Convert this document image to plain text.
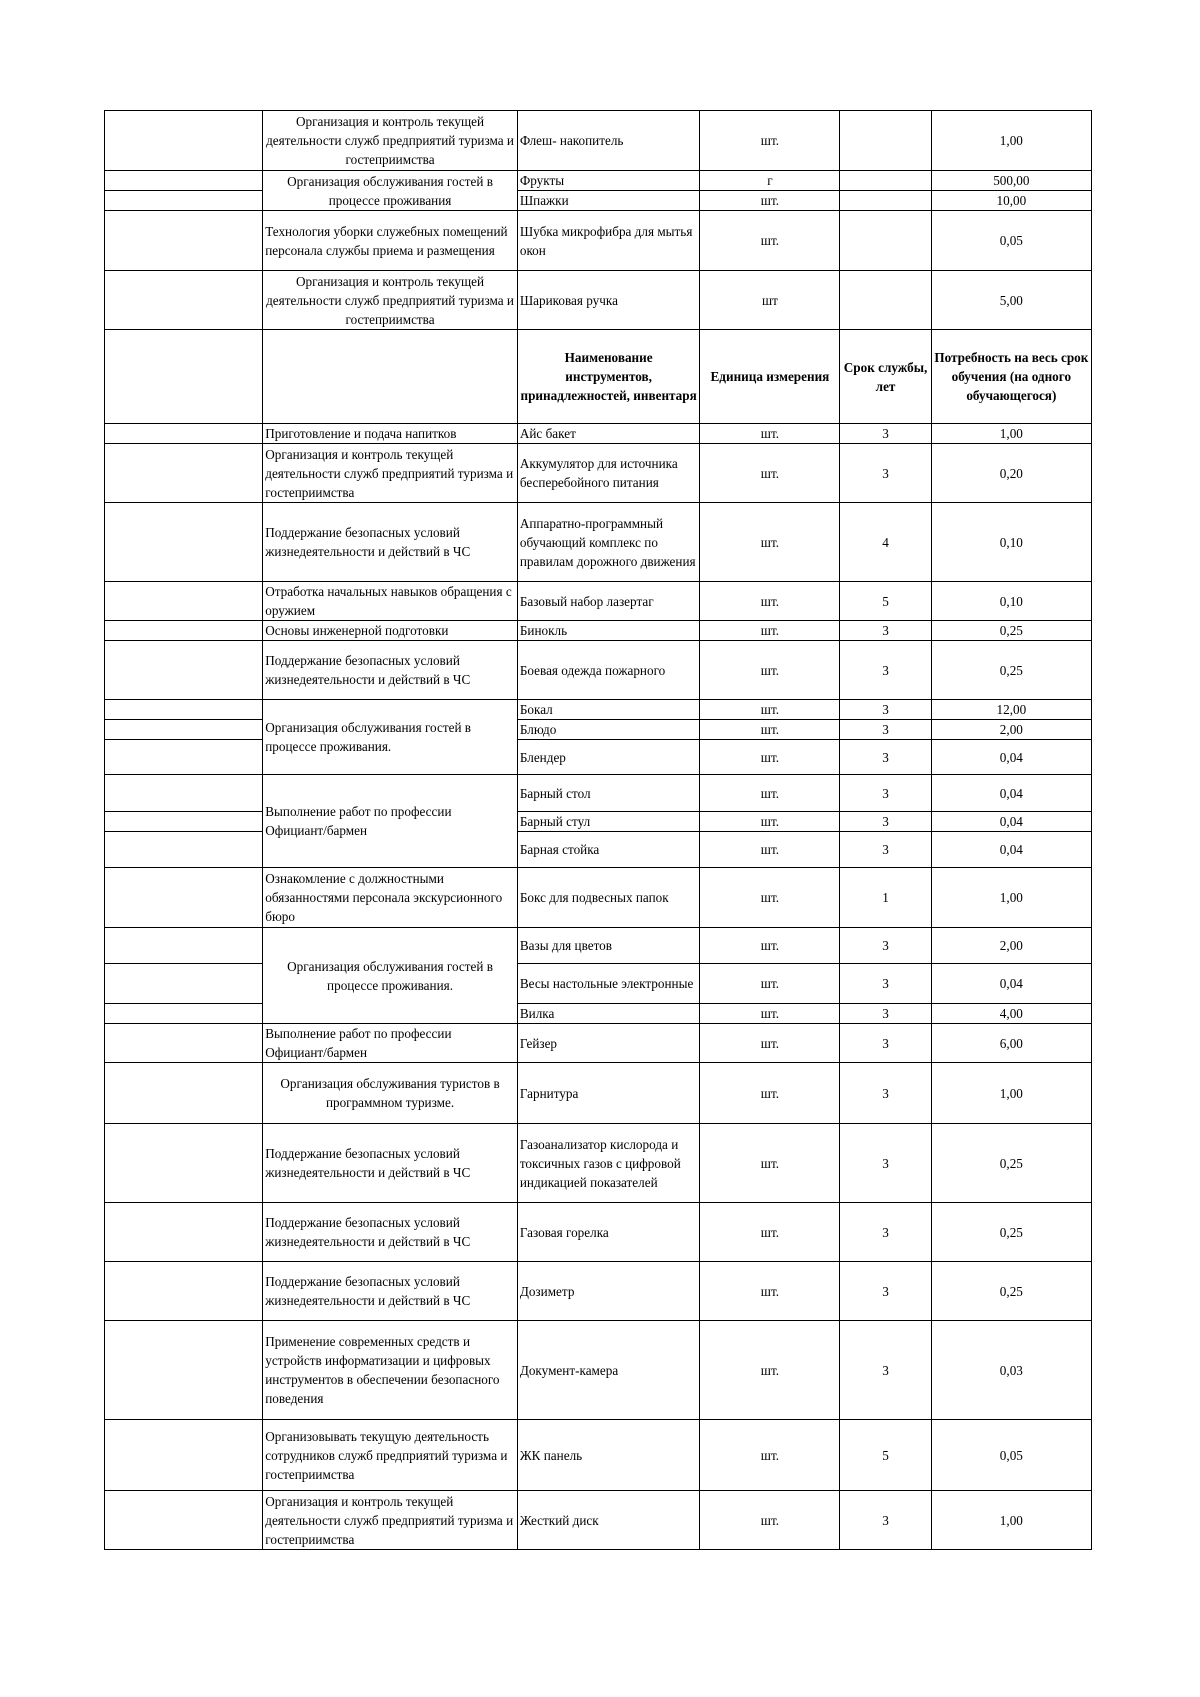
	Организация и контроль текущей деятельности служб предприятий туризма и гостеприимства	Флеш- накопитель	шт.		1,00
	Организация обслуживания гостей в процессе проживания	Фрукты	г		500,00
		Шпажки	шт.		10,00
	Технология уборки служебных помещений персонала службы приема и размещения	Шубка микрофибра для мытья окон	шт.		0,05
	Организация и контроль текущей деятельности служб предприятий туризма и гостеприимства	Шариковая ручка	шт		5,00
		Наименование инструментов, принадлежностей, инвентаря	Единица измерения	Срок службы, лет	Потребность на весь срок обучения (на одного обучающегося)
	Приготовление и подача напитков	Айс бакет	шт.	3	1,00
	Организация и контроль текущей деятельности служб предприятий туризма и гостеприимства	Аккумулятор для источника бесперебойного питания	шт.	3	0,20
	Поддержание безопасных условий жизнедеятельности и действий в ЧС	Аппаратно-программный обучающий комплекс по правилам дорожного движения	шт.	4	0,10
	Отработка начальных навыков обращения с оружием	Базовый набор лазертаг	шт.	5	0,10
	Основы инженерной подготовки	Бинокль	шт.	3	0,25
	Поддержание безопасных условий жизнедеятельности и действий в ЧС	Боевая одежда пожарного	шт.	3	0,25
	Организация обслуживания гостей в процессе проживания.	Бокал	шт.	3	12,00
		Блюдо	шт.	3	2,00
		Блендер	шт.	3	0,04
	Выполнение работ по профессии Официант/бармен	Барный стол	шт.	3	0,04
		Барный стул	шт.	3	0,04
		Барная стойка	шт.	3	0,04
	Ознакомление с должностными обязанностями персонала экскурсионного бюро	Бокс для подвесных папок	шт.	1	1,00
	Организация обслуживания гостей в процессе проживания.	Вазы для цветов	шт.	3	2,00
		Весы настольные электронные	шт.	3	0,04
		Вилка	шт.	3	4,00
	Выполнение работ по профессии Официант/бармен	Гейзер	шт.	3	6,00
	Организация обслуживания туристов в программном туризме.	Гарнитура	шт.	3	1,00
	Поддержание безопасных условий жизнедеятельности и действий в ЧС	Газоанализатор кислорода и токсичных газов с цифровой индикацией показателей	шт.	3	0,25
	Поддержание безопасных условий жизнедеятельности и действий в ЧС	Газовая горелка	шт.	3	0,25
	Поддержание безопасных условий жизнедеятельности и действий в ЧС	Дозиметр	шт.	3	0,25
	Применение современных средств и устройств информатизации и цифровых инструментов в обеспечении безопасного поведения	Документ-камера	шт.	3	0,03
	Организовывать текущую деятельность сотрудников служб предприятий туризма и гостеприимства	ЖК панель	шт.	5	0,05
	Организация и контроль текущей деятельности служб предприятий туризма и гостеприимства	Жесткий диск	шт.	3	1,00
